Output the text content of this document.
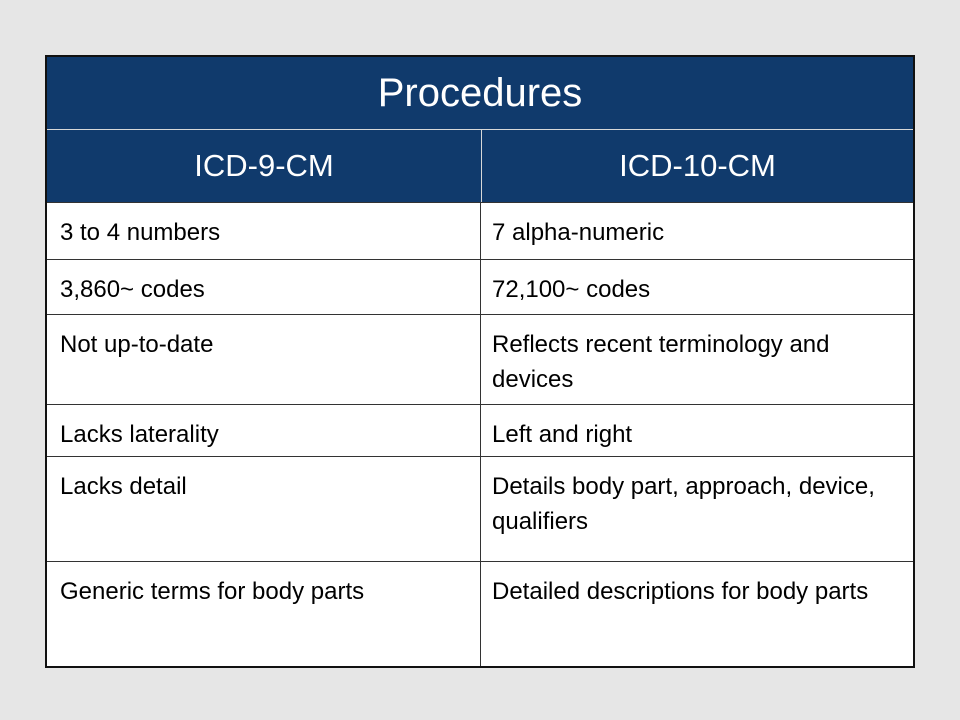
Procedures
ICD-9-CM	ICD-10-CM
3 to 4 numbers	7 alpha-numeric
3,860~ codes	72,100~ codes
Not up-to-date	Reflects recent terminology and devices
Lacks laterality	Left and right
Lacks detail	Details body part, approach, device, qualifiers
Generic terms for body parts	Detailed descriptions for body parts
